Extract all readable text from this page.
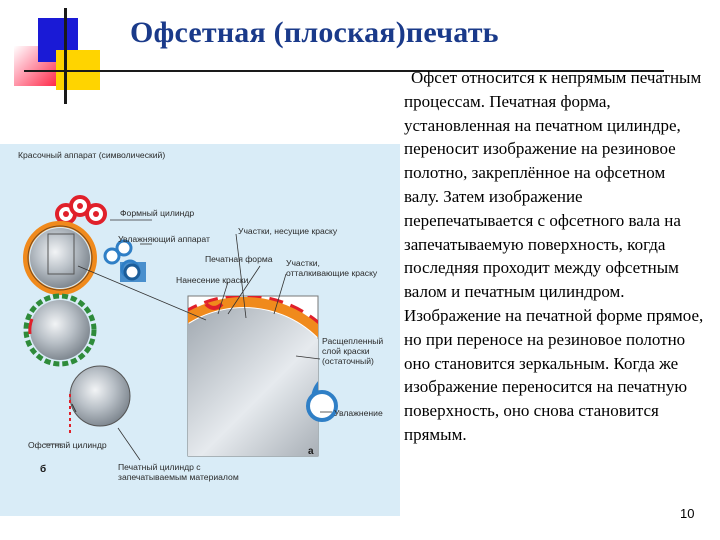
Офсетная (плоская)печать
Красочный аппарат (символический)
Формный цилиндр
Увлажняющий аппарат
Участки, несущие краску
Печатная форма Участки,
отталкивающие краску
Нанесение краски
Расщепленный
слой краски
(остаточный)
Увлажнение
Офсетный цилиндр
Печатный цилиндр с
запечатываемым материалом
б
а
Офсет относится к непрямым печатным процессам. Печатная форма, установленная на печатном цилиндре, переносит изображение на резиновое полотно, закреплённое на офсетном валу. Затем изображение перепечатывается с офсетного вала на запечатываемую поверхность, когда последняя проходит между офсетным валом и печатным цилиндром. Изображение на печатной форме прямое, но при переносе на резиновое полотно оно становится зеркальным. Когда же изображение переносится на печатную поверхность, оно снова становится прямым.
10
